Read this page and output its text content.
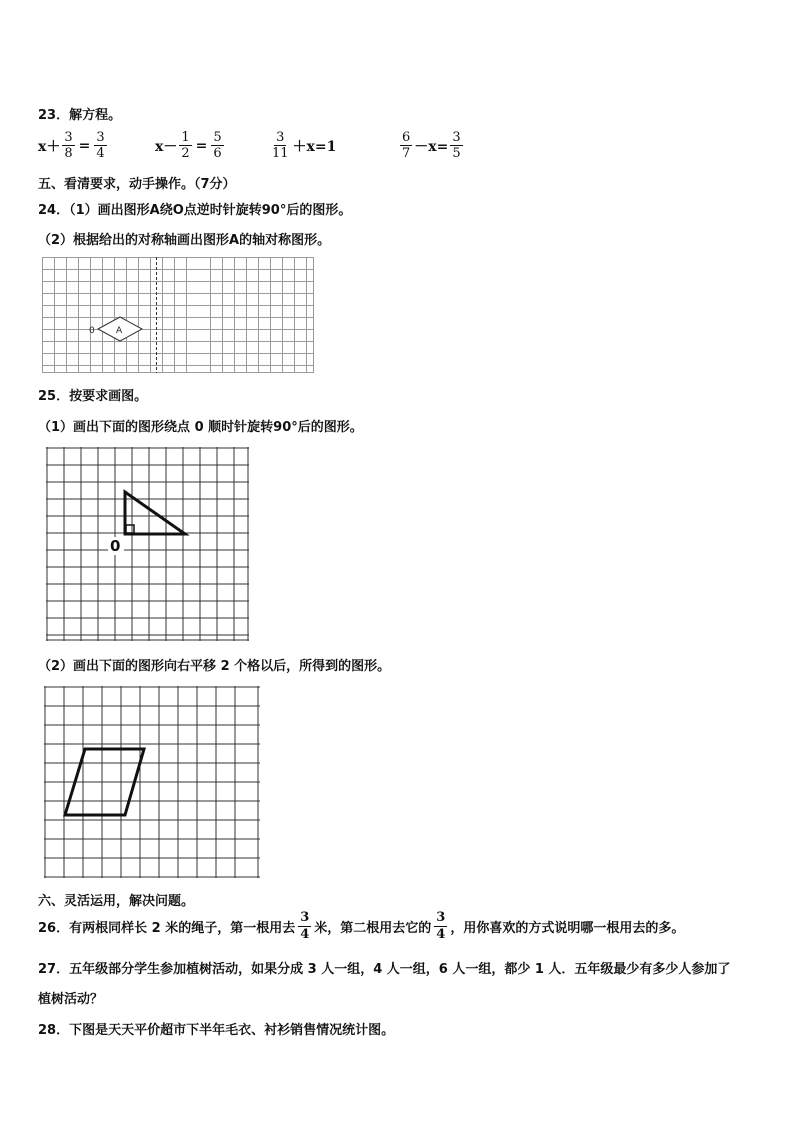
23．解方程。
$x+ \frac{3}{8} = \frac{3}{4}$	$x- \frac{1}{2} = \frac{5}{6}$	$\frac{3}{11} +x=1$	$\frac{6}{7} -x= \frac{3}{5}$
五、看清要求，动手操作。（7分）
24．（1）画出图形A绕O点逆时针旋转90°后的图形。
（2）根据给出的对称轴画出图形A的轴对称图形。
0 A
25．按要求画图。
（1）画出下面的图形绕点 0 顺时针旋转90°后的图形。
0
（2）画出下面的图形向右平移 2 个格以后，所得到的图形。
六、灵活运用，解决问题。
26．有两根同样长 2 米的绳子，第一根用去 $\frac{3}{4}$ 米，第二根用去它的 $\frac{3}{4}$ ，用你喜欢的方式说明哪一根用去的多。
27．五年级部分学生参加植树活动，如果分成 3 人一组，4 人一组，6 人一组，都少 1 人．五年级最少有多少人参加了
植树活动？
28．下图是天天平价超市下半年毛衣、衬衫销售情况统计图。
